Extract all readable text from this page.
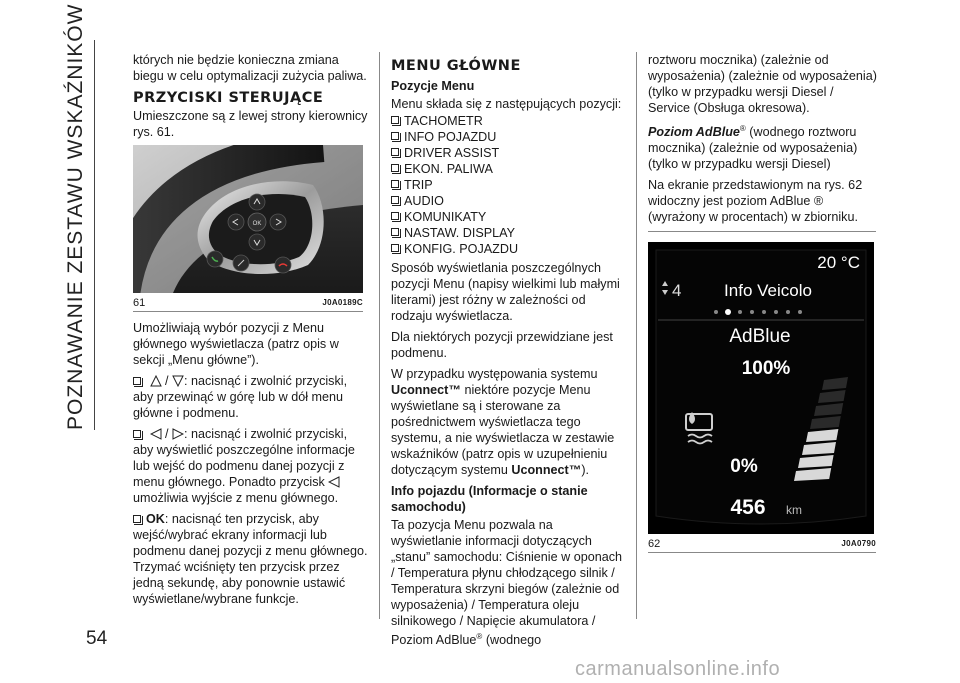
POZNAWANIE ZESTAWU WSKAŹNIKÓW	których nie będzie konieczna zmiana biegu w celu optymalizacji zużycia paliwa.

PRZYCISKI STERUJĄCE

Umieszczone są z lewej strony kierownicy rys. 61.

OK
61	J0A0189C

Umożliwiają wybór pozycji z Menu głównego wyświetlacza (patrz opis w sekcji „Menu główne”).

/ : nacisnąć i zwolnić przyciski, aby przewinąć w górę lub w dół menu główne i podmenu.

/ : nacisnąć i zwolnić przyciski, aby wyświetlić poszczególne informacje lub wejść do podmenu danej pozycji z menu głównego. Ponadto przycisk  umożliwia wyjście z menu głównego.

OK: nacisnąć ten przycisk, aby wejść/wybrać ekrany informacji lub podmenu danej pozycji z menu głównego. Trzymać wciśnięty ten przycisk przez jedną sekundę, aby ponownie ustawić wyświetlane/wybrane funkcje.

MENU GŁÓWNE
Pozycje Menu

Menu składa się z następujących pozycji:

TACHOMETR
INFO POJAZDU
DRIVER ASSIST
EKON. PALIWA
TRIP
AUDIO
KOMUNIKATY
NASTAW. DISPLAY
KONFIG. POJAZDU

Sposób wyświetlania poszczególnych pozycji Menu (napisy wielkimi lub małymi literami) jest różny w zależności od rodzaju wyświetlacza.

Dla niektórych pozycji przewidziane jest podmenu.

W przypadku występowania systemu Uconnect™ niektóre pozycje Menu wyświetlane są i sterowane za pośrednictwem wyświetlacza tego systemu, a nie wyświetlacza w zestawie wskaźników (patrz opis w uzupełnieniu dotyczącym systemu Uconnect™).

Info pojazdu (Informacje o stanie samochodu)

Ta pozycja Menu pozwala na wyświetlanie informacji dotyczących „stanu” samochodu: Ciśnienie w oponach / Temperatura płynu chłodzącego silnik / Temperatura skrzyni biegów (zależnie od wyposażenia) / Temperatura oleju silnikowego / Napięcie akumulatora / Poziom AdBlue® (wodnego

roztworu mocznika) (zależnie od wyposażenia) (zależnie od wyposażenia) (tylko w przypadku wersji Diesel / Service (Obsługa okresowa).

Poziom AdBlue® (wodnego roztworu mocznika) (zależnie od wyposażenia) (tylko w przypadku wersji Diesel)

Na ekranie przedstawionym na rys. 62 widoczny jest poziom AdBlue ® (wyrażony w procentach) w zbiorniku.

20 °C
4	Info Veicolo
AdBlue
100%
0%
456 km
62	J0A0790
54
carmanualsonline.info
